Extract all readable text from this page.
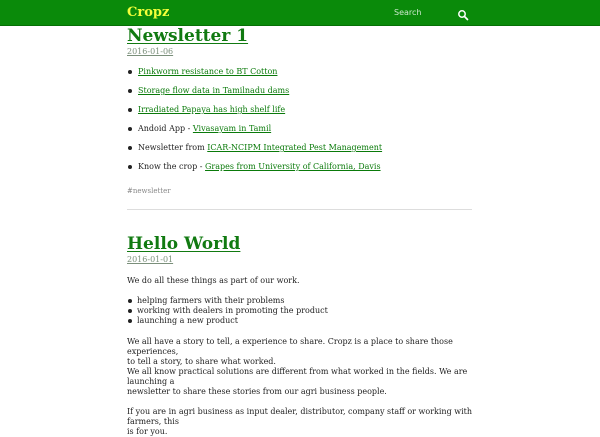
Cropz
Search
Newsletter 1
2016-01-06
Pinkworm resistance to BT Cotton
Storage flow data in Tamilnadu dams
Irradiated Papaya has high shelf life
Andoid App - Vivasayam in Tamil
Newsletter from ICAR-NCIPM Integrated Pest Management
Know the crop - Grapes from University of California, Davis
#newsletter
Hello World
2016-01-01

We do all these things as part of our work.

helping farmers with their problems
working with dealers in promoting the product
launching a new product
We all have a story to tell, a experience to share. Cropz is a place to share those experiences,
to tell a story, to share what worked.
We all know practical solutions are different from what worked in the fields. We are launching a
newsletter to share these stories from our agri business people.
If you are in agri business as input dealer, distributor, company staff or working with farmers, this
is for you.
